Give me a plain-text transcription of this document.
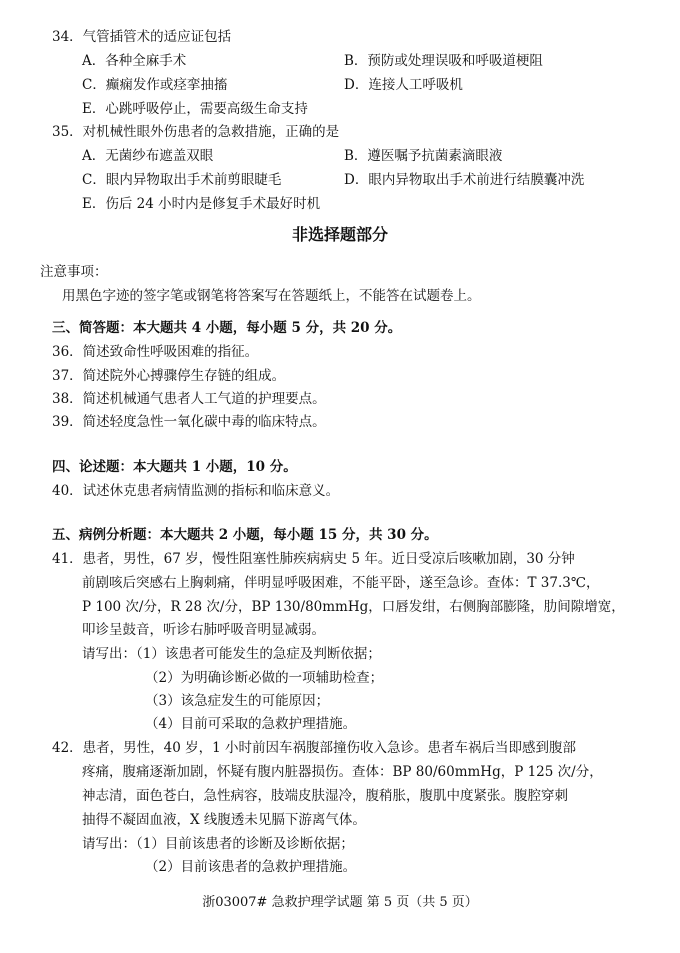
34．气管插管术的适应证包括
A．各种全麻手术	B．预防或处理误吸和呼吸道梗阻
C．癫痫发作或痉挛抽搐	D．连接人工呼吸机
E．心跳呼吸停止，需要高级生命支持
35．对机械性眼外伤患者的急救措施，正确的是
A．无菌纱布遮盖双眼	B．遵医嘱予抗菌素滴眼液
C．眼内异物取出手术前剪眼睫毛	D．眼内异物取出手术前进行结膜囊冲洗
E．伤后 24 小时内是修复手术最好时机
非选择题部分
注意事项：
用黑色字迹的签字笔或钢笔将答案写在答题纸上，不能答在试题卷上。
三、简答题：本大题共 4 小题，每小题 5 分，共 20 分。
36．简述致命性呼吸困难的指征。
37．简述院外心搏骤停生存链的组成。
38．简述机械通气患者人工气道的护理要点。
39．简述轻度急性一氧化碳中毒的临床特点。
四、论述题：本大题共 1 小题，10 分。
40．试述休克患者病情监测的指标和临床意义。
五、病例分析题：本大题共 2 小题，每小题 15 分，共 30 分。
41．患者，男性，67 岁，慢性阻塞性肺疾病病史 5 年。近日受凉后咳嗽加剧，30 分钟
前剧咳后突感右上胸刺痛，伴明显呼吸困难，不能平卧，遂至急诊。查体：T 37.3℃，
P 100 次/分，R 28 次/分，BP 130/80mmHg，口唇发绀，右侧胸部膨隆，肋间隙增宽，
叩诊呈鼓音，听诊右肺呼吸音明显减弱。
请写出：（1）该患者可能发生的急症及判断依据；
（2）为明确诊断必做的一项辅助检查；
（3）该急症发生的可能原因；
（4）目前可采取的急救护理措施。
42．患者，男性，40 岁，1 小时前因车祸腹部撞伤收入急诊。患者车祸后当即感到腹部
疼痛，腹痛逐渐加剧，怀疑有腹内脏器损伤。查体：BP 80/60mmHg，P 125 次/分，
神志清，面色苍白，急性病容，肢端皮肤湿冷，腹稍胀，腹肌中度紧张。腹腔穿刺
抽得不凝固血液，X 线腹透未见膈下游离气体。
请写出：（1）目前该患者的诊断及诊断依据；
（2）目前该患者的急救护理措施。
浙03007# 急救护理学试题 第 5 页（共 5 页）
